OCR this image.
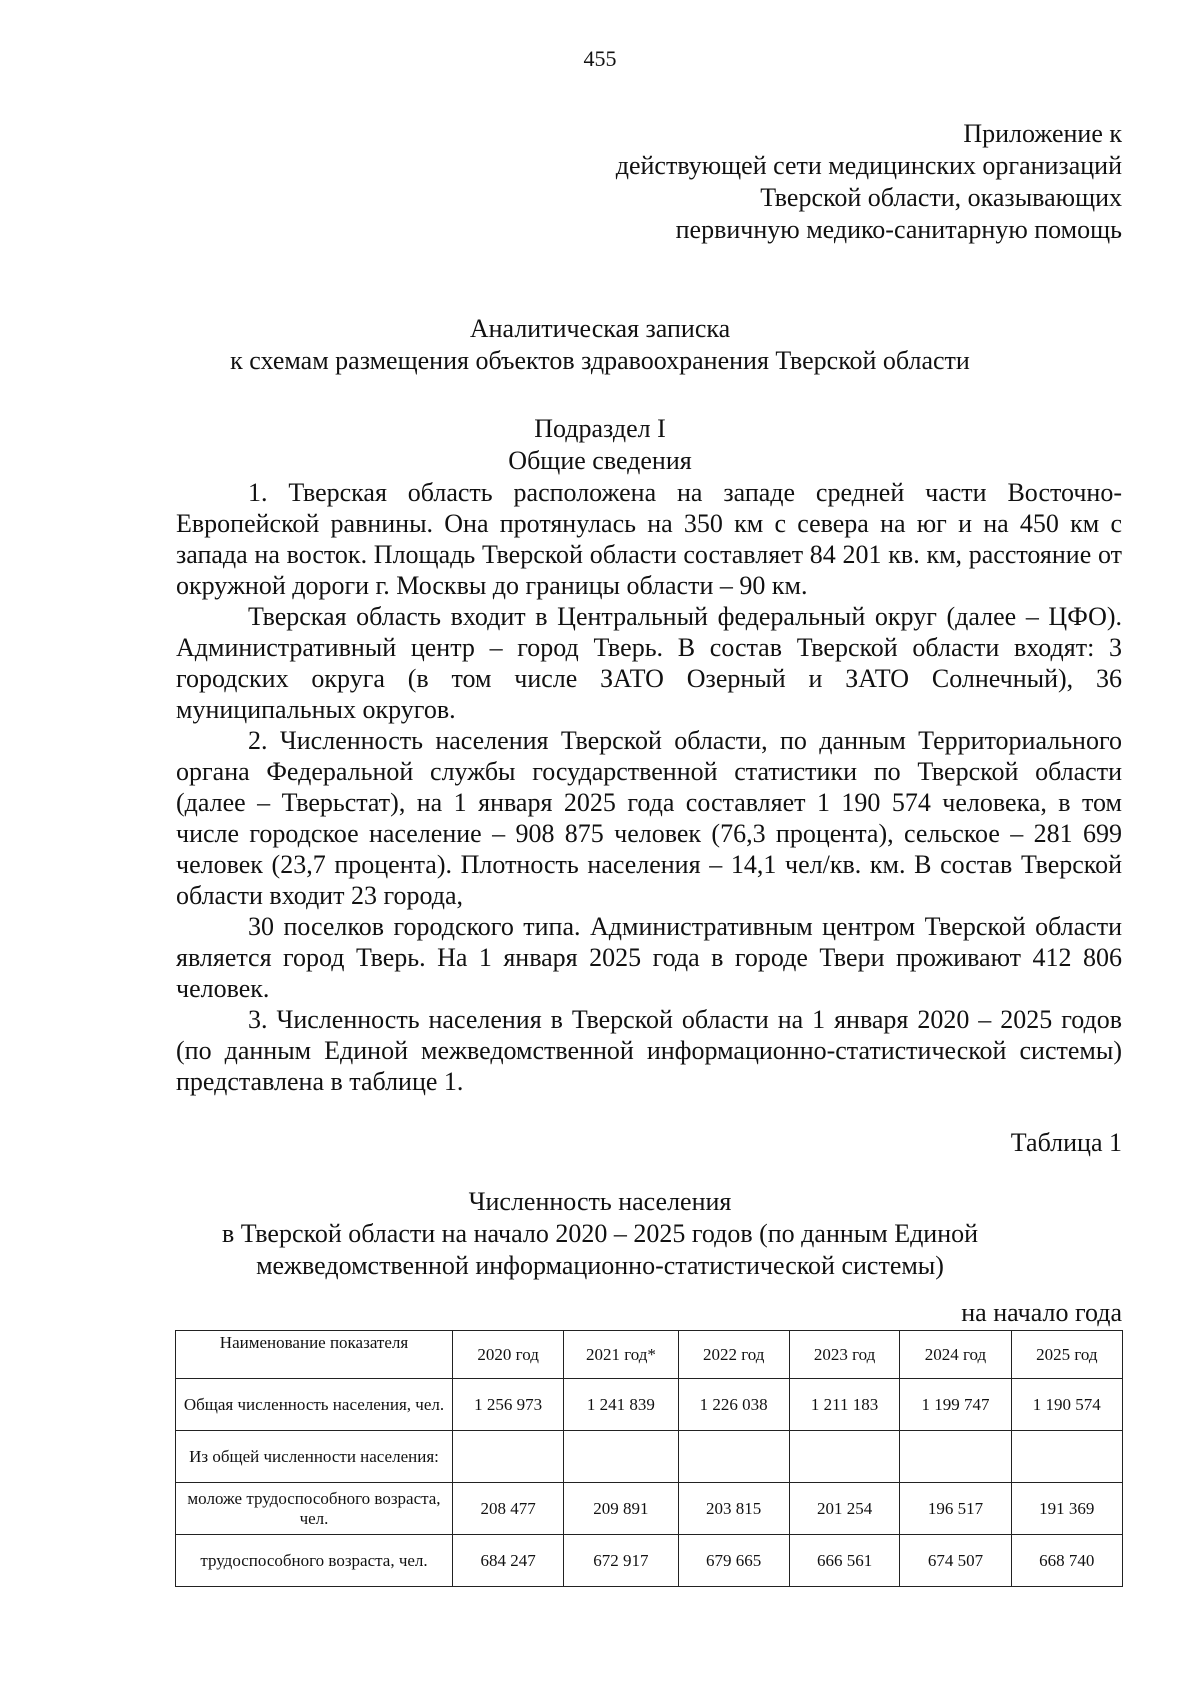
455
Приложение к
действующей сети медицинских организаций
Тверской области, оказывающих
первичную медико-санитарную помощь
Аналитическая записка
к схемам размещения объектов здравоохранения Тверской области
Подраздел I
Общие сведения

1. Тверская область расположена на западе средней части Восточно-Европейской равнины. Она протянулась на 350 км с севера на юг и на 450 км с запада на восток. Площадь Тверской области составляет 84 201 кв. км, расстояние от окружной дороги г. Москвы до границы области – 90 км.

Тверская область входит в Центральный федеральный округ (далее – ЦФО). Административный центр – город Тверь. В состав Тверской области входят: 3 городских округа (в том числе ЗАТО Озерный и ЗАТО Солнечный), 36 муниципальных округов.

2. Численность населения Тверской области, по данным Территориального органа Федеральной службы государственной статистики по Тверской области (далее – Тверьстат), на 1 января 2025 года составляет 1 190 574 человека, в том числе городское население – 908 875 человек (76,3 процента), сельское – 281 699 человек (23,7 процента). Плотность населения – 14,1 чел/кв. км. В состав Тверской области входит 23 города,

30 поселков городского типа. Административным центром Тверской области является город Тверь. На 1 января 2025 года в городе Твери проживают 412 806 человек.

3. Численность населения в Тверской области на 1 января 2020 – 2025 годов (по данным Единой межведомственной информационно-статистической системы) представлена в таблице 1.

Таблица 1
Численность населения
в Тверской области на начало 2020 – 2025 годов (по данным Единой
межведомственной информационно-статистической системы)
на начало года
Наименование показателя	2020 год	2021 год*	2022 год	2023 год	2024 год	2025 год
Общая численность населения, чел.	1 256 973	1 241 839	1 226 038	1 211 183	1 199 747	1 190 574
Из общей численности населения:						
моложе трудоспособного возраста, чел.	208 477	209 891	203 815	201 254	196 517	191 369
трудоспособного возраста, чел.	684 247	672 917	679 665	666 561	674 507	668 740
